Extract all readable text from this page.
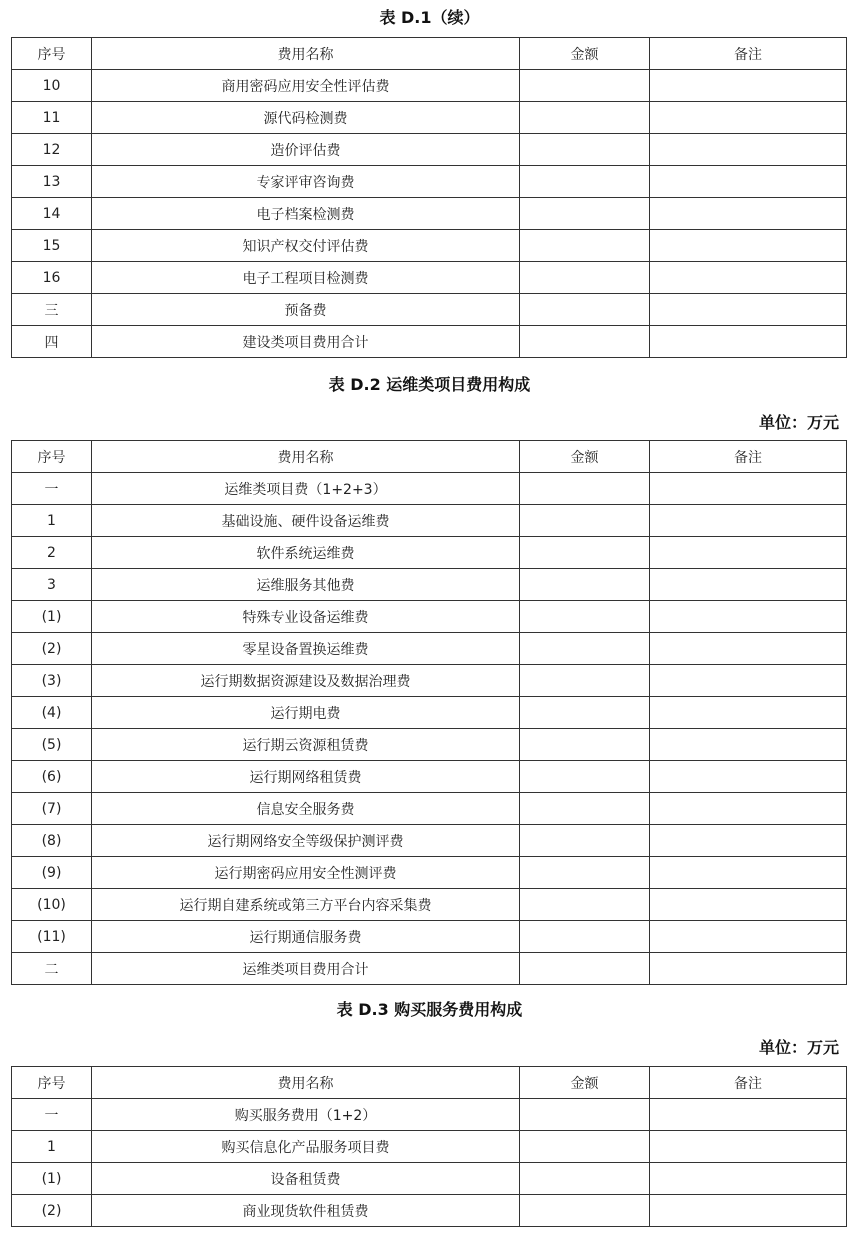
表 D.1（续）
序号	费用名称	金额	备注
10	商用密码应用安全性评估费		
11	源代码检测费		
12	造价评估费		
13	专家评审咨询费		
14	电子档案检测费		
15	知识产权交付评估费		
16	电子工程项目检测费		
三	预备费		
四	建设类项目费用合计		
表 D.2 运维类项目费用构成
单位：万元
序号	费用名称	金额	备注
一	运维类项目费（1+2+3）		
1	基础设施、硬件设备运维费		
2	软件系统运维费		
3	运维服务其他费		
(1)	特殊专业设备运维费		
(2)	零星设备置换运维费		
(3)	运行期数据资源建设及数据治理费		
(4)	运行期电费		
(5)	运行期云资源租赁费		
(6)	运行期网络租赁费		
(7)	信息安全服务费		
(8)	运行期网络安全等级保护测评费		
(9)	运行期密码应用安全性测评费		
(10)	运行期自建系统或第三方平台内容采集费		
(11)	运行期通信服务费		
二	运维类项目费用合计		
表 D.3 购买服务费用构成
单位：万元
序号	费用名称	金额	备注
一	购买服务费用（1+2）		
1	购买信息化产品服务项目费		
(1)	设备租赁费		
(2)	商业现货软件租赁费		
